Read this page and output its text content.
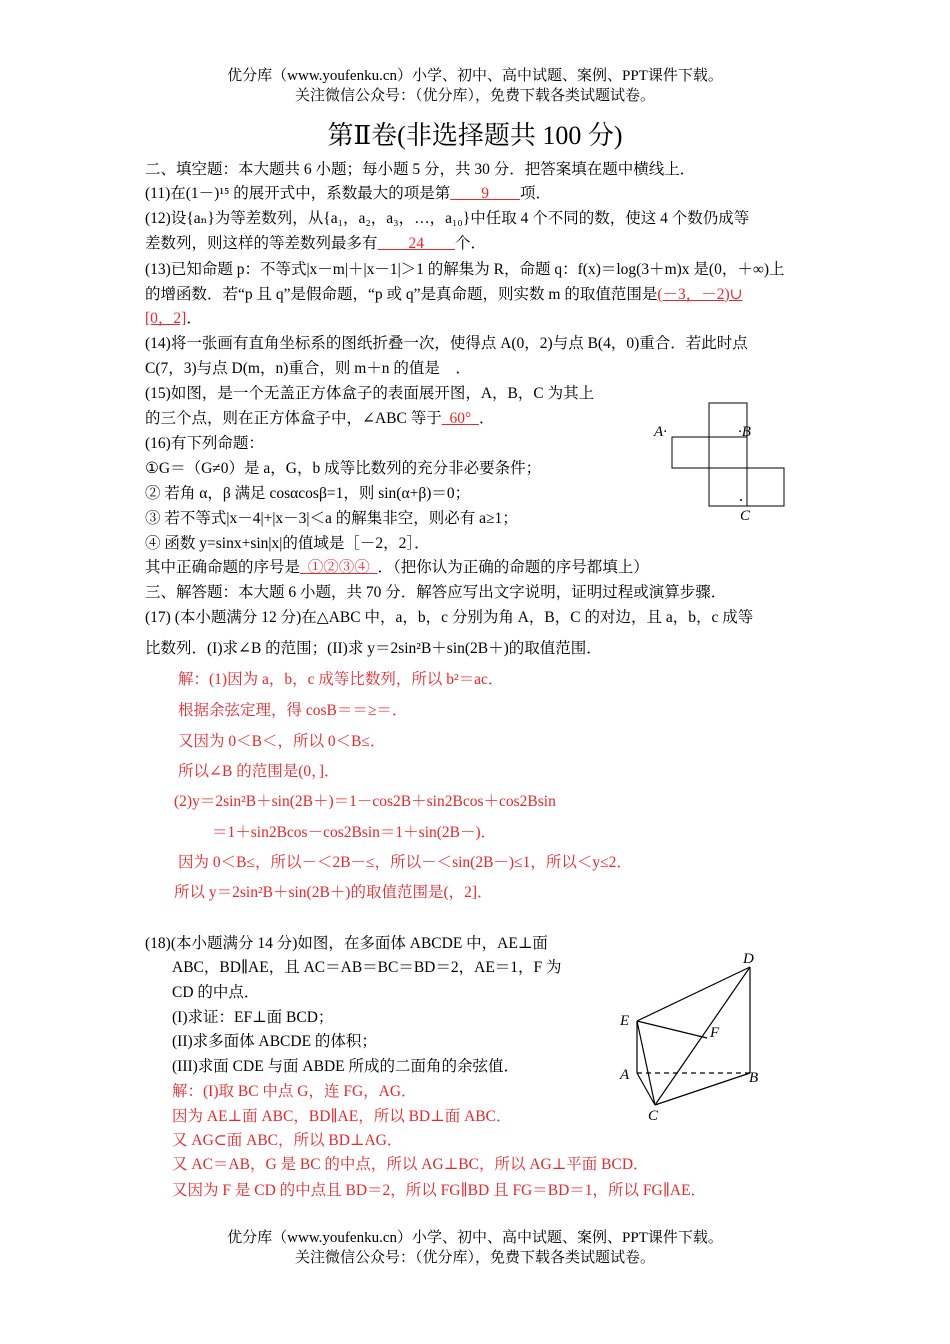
优分库（www.youfenku.cn）小学、初中、高中试题、案例、PPT课件下载。
关注微信公众号：（优分库），免费下载各类试题试卷。
第Ⅱ卷(非选择题共 100 分)
二、填空题：本大题共 6 小题；每小题 5 分，共 30 分．把答案填在题中横线上．
(11)在(1－)¹⁵ 的展开式中，系数最大的项是第   9   项．
(12)设{aₙ}为等差数列，从{a₁，a₂，a₃，…，a₁₀}中任取 4 个不同的数，使这 4 个数仍成等
差数列，则这样的等差数列最多有   24   个．
(13)已知命题 p：不等式|x－m|＋|x－1|＞1 的解集为 R，命题 q：f(x)＝log(3＋m)x 是(0，＋∞)上
的增函数．若“p 且 q”是假命题，“p 或 q”是真命题，则实数 m 的取值范围是(－3，－2)∪
[0，2]．
(14)将一张画有直角坐标系的图纸折叠一次，使得点 A(0，2)与点 B(4，0)重合．若此时点
C(7，3)与点 D(m，n)重合，则 m＋n 的值是　．
(15)如图，是一个无盖正方体盒子的表面展开图，A，B，C 为其上
的三个点，则在正方体盒子中，∠ABC 等于  60°  ．
(16)有下列命题：
①G＝（G≠0）是 a，G，b 成等比数列的充分非必要条件；
② 若角 α，β 满足 cosαcosβ=1，则 sin(α+β)＝0；
③ 若不等式|x－4|+|x－3|＜a 的解集非空，则必有 a≥1；
④ 函数 y=sinx+sin|x|的值域是［－2，2］．
其中正确命题的序号是  ①②③④  ．（把你认为正确的命题的序号都填上）
A·	·B
C
三、解答题：本大题 6 小题，共 70 分．解答应写出文字说明，证明过程或演算步骤．
(17) (本小题满分 12 分)在△ABC 中，a，b，c 分别为角 A，B，C 的对边，且 a，b，c 成等
比数列．(I)求∠B 的范围；(II)求 y＝2sin²B＋sin(2B＋)的取值范围．
解：(1)因为 a，b，c 成等比数列，所以 b²＝ac．
根据余弦定理，得 cosB＝＝≥＝．
又因为 0＜B＜，所以 0＜B≤．
所以∠B 的范围是(0，]．
(2)y＝2sin²B＋sin(2B＋)＝1－cos2B＋sin2Bcos＋cos2Bsin
＝1＋sin2Bcos－cos2Bsin＝1＋sin(2B－)．
因为 0＜B≤，所以－＜2B－≤，所以－＜sin(2B－)≤1，所以＜y≤2．
所以 y＝2sin²B＋sin(2B＋)的取值范围是(，2]．
(18)(本小题满分 14 分)如图，在多面体 ABCDE 中，AE⊥面
ABC，BD∥AE，且 AC＝AB＝BC＝BD＝2，AE＝1，F 为
CD 的中点．
(I)求证：EF⊥面 BCD；
(II)求多面体 ABCDE 的体积；
(III)求面 CDE 与面 ABDE 所成的二面角的余弦值．
解：(I)取 BC 中点 G，连 FG，AG．
因为 AE⊥面 ABC，BD∥AE，所以 BD⊥面 ABC．
又 AG⊂面 ABC，所以 BD⊥AG．
又 AC＝AB，G 是 BC 的中点，所以 AG⊥BC，所以 AG⊥平面 BCD．
又因为 F 是 CD 的中点且 BD＝2，所以 FG∥BD 且 FG＝BD＝1，所以 FG∥AE．
D
E
F
A	B
C
优分库（www.youfenku.cn）小学、初中、高中试题、案例、PPT课件下载。
关注微信公众号：（优分库），免费下载各类试题试卷。
